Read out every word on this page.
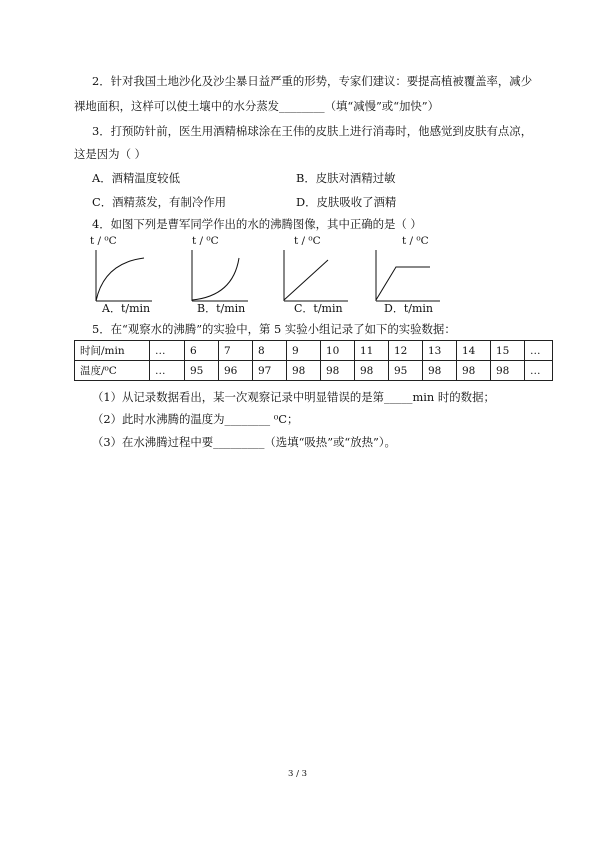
2．针对我国土地沙化及沙尘暴日益严重的形势，专家们建议：要提高植被覆盖率，减少
裸地面积，这样可以使土壤中的水分蒸发________（填“减慢”或“加快”）
3．打预防针前，医生用酒精棉球涂在王伟的皮肤上进行消毒时，他感觉到皮肤有点凉，
这是因为（ ）
A．酒精温度较低	B．皮肤对酒精过敏
C．酒精蒸发，有制冷作用	D．皮肤吸收了酒精
4．如图下列是曹军同学作出的水的沸腾图像，其中正确的是（ ）
t / ⁰C
A．t/min
t / ⁰C
B．t/min
t / ⁰C
C．t/min
t / ⁰C
D．t/min
5．在“观察水的沸腾”的实验中，第 5 实验小组记录了如下的实验数据：
时间/min	…	6	7	8	9	10	11	12	13	14	15	…
温度/⁰C	…	95	96	97	98	98	98	95	98	98	98	…
（1）从记录数据看出，某一次观察记录中明显错误的是第_____min 时的数据；
（2）此时水沸腾的温度为________ ⁰C；
（3）在水沸腾过程中要_________（选填“吸热”或“放热”）。
3 / 3
